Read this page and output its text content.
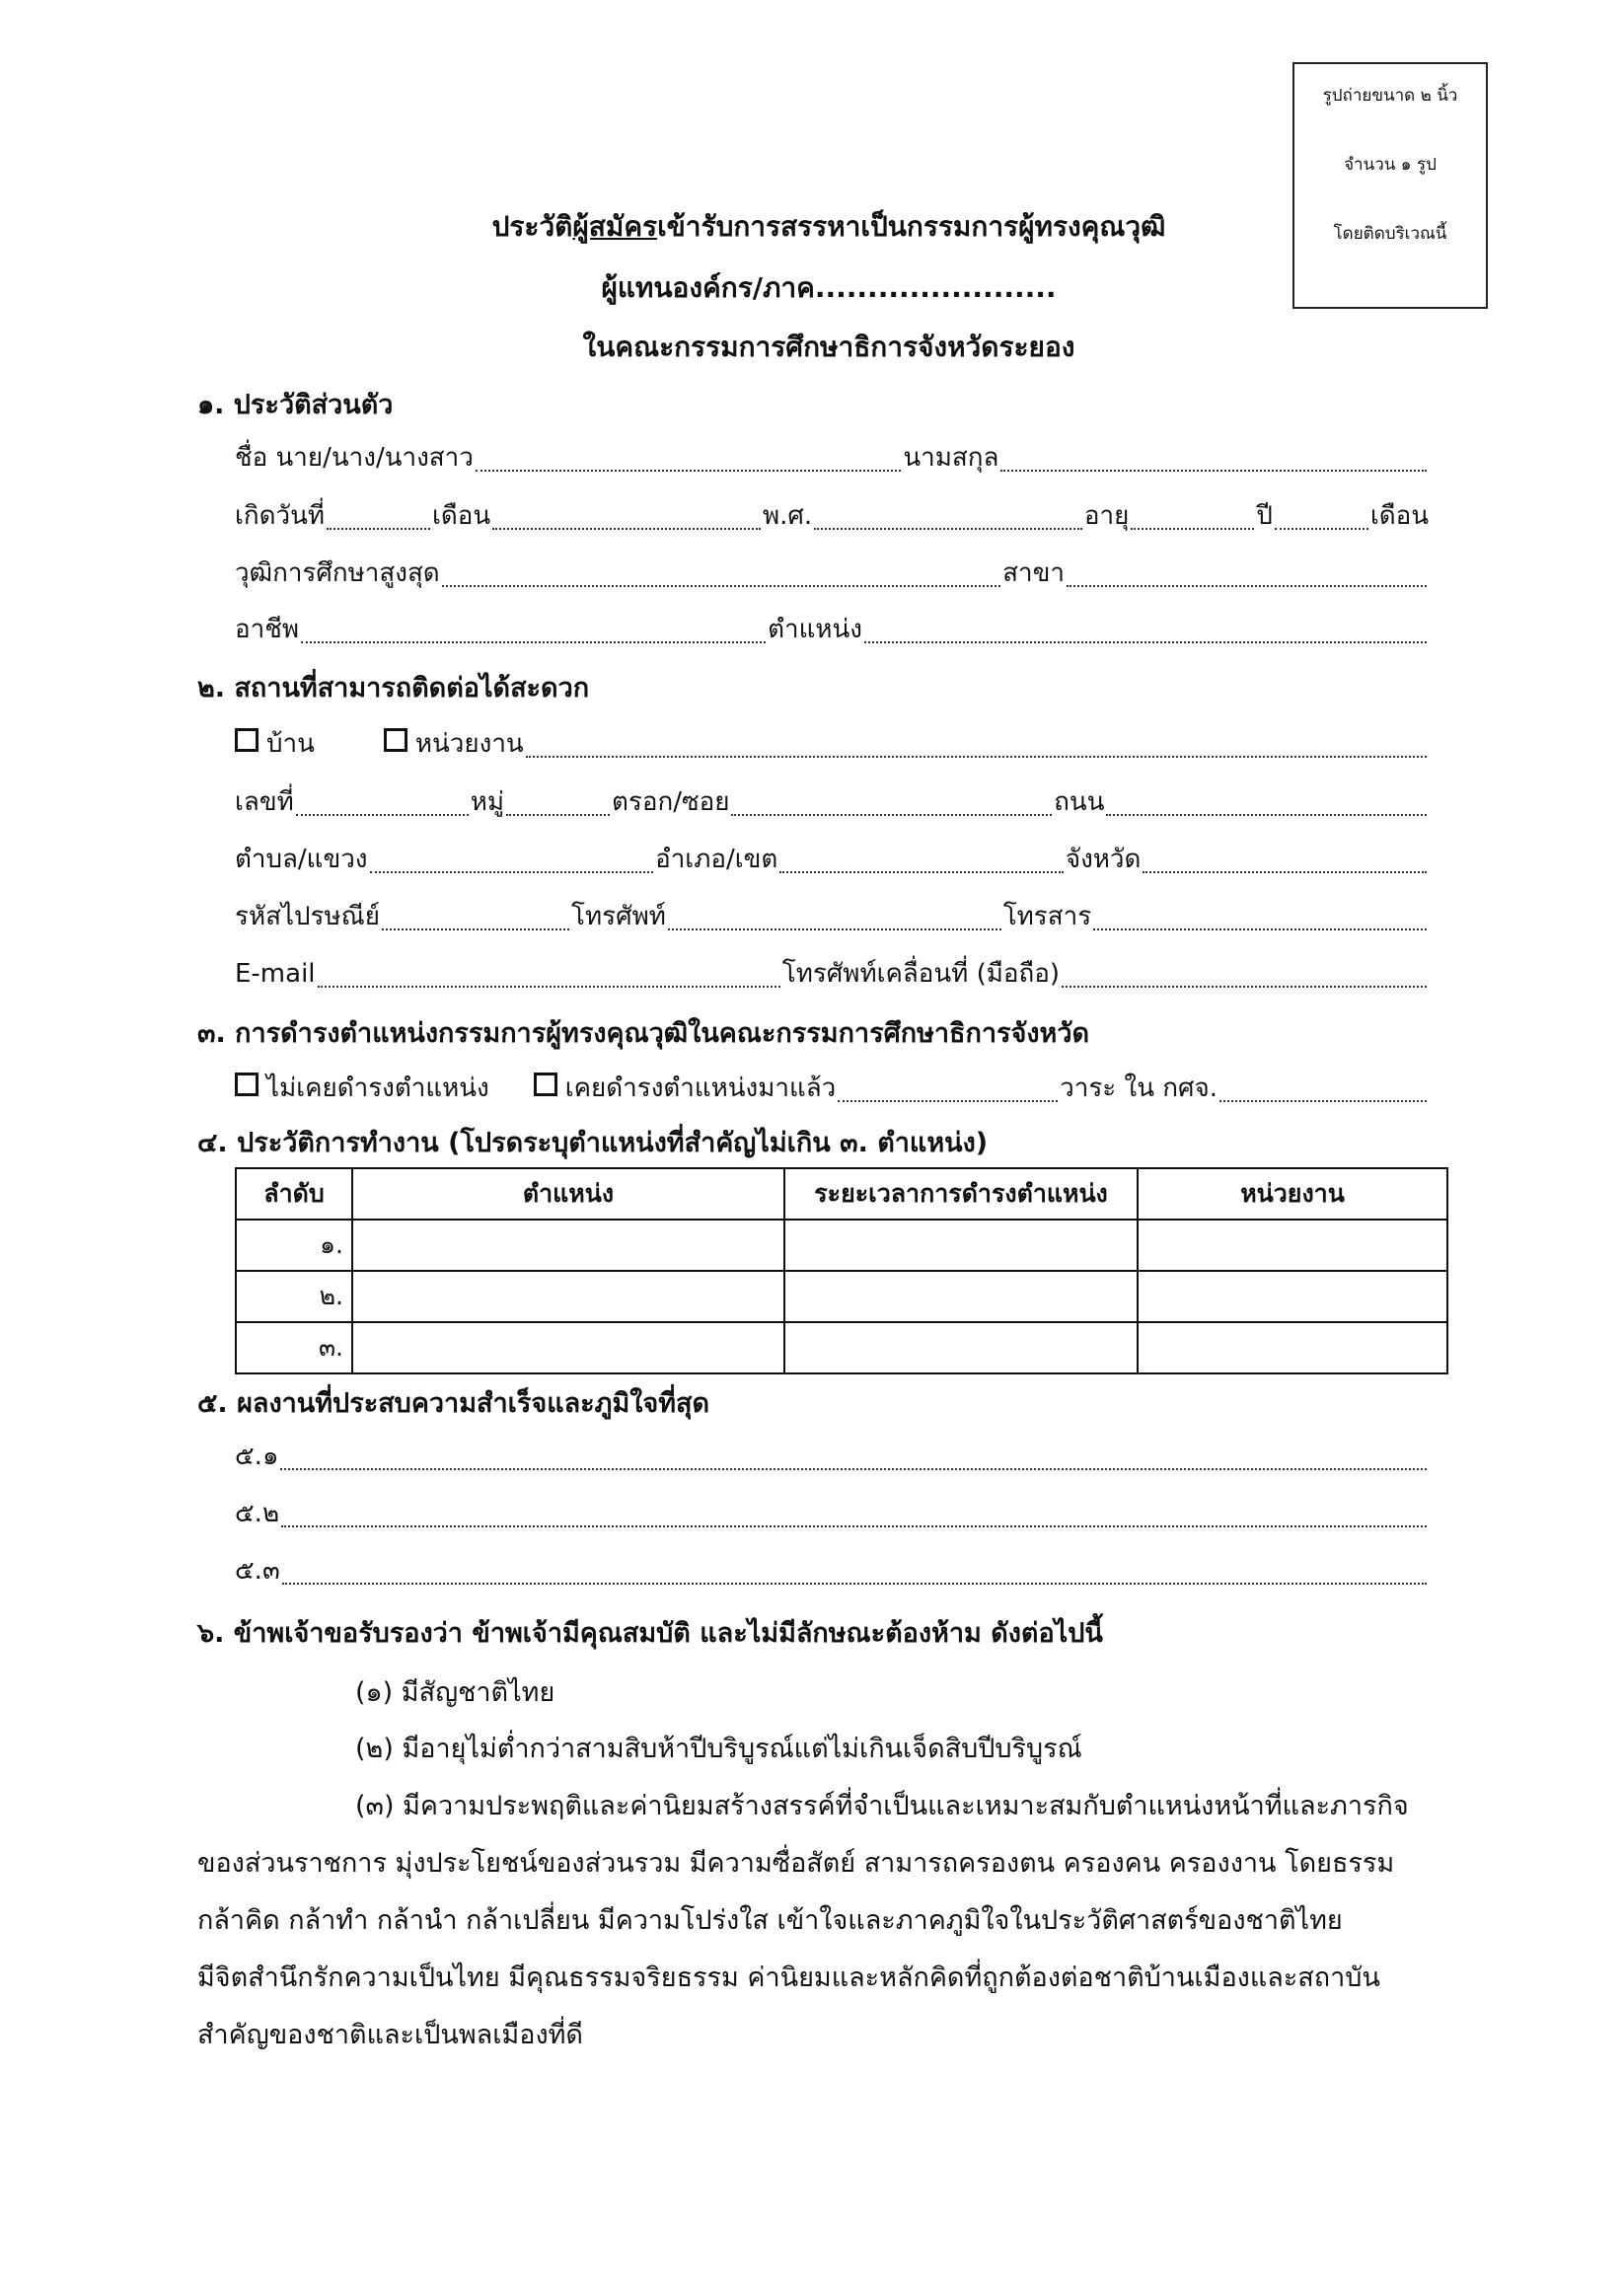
รูปถ่ายขนาด ๒ นิ้ว
จำนวน ๑ รูป
โดยติดบริเวณนี้
ประวัติผู้สมัครเข้ารับการสรรหาเป็นกรรมการผู้ทรงคุณวุฒิ
ผู้แทนองค์กร/ภาค.......................
ในคณะกรรมการศึกษาธิการจังหวัดระยอง
๑. ประวัติส่วนตัว
ชื่อ นาย/นาง/นางสาว	นามสกุล
เกิดวันที่	เดือน	พ.ศ.	อายุ	ปี	เดือน
วุฒิการศึกษาสูงสุด	สาขา
อาชีพ	ตำแหน่ง
๒. สถานที่สามารถติดต่อได้สะดวก
บ้าน	หน่วยงาน
เลขที่	หมู่	ตรอก/ซอย	ถนน
ตำบล/แขวง	อำเภอ/เขต	จังหวัด
รหัสไปรษณีย์	โทรศัพท์	โทรสาร
E-mail	โทรศัพท์เคลื่อนที่ (มือถือ)
๓. การดำรงตำแหน่งกรรมการผู้ทรงคุณวุฒิในคณะกรรมการศึกษาธิการจังหวัด
ไม่เคยดำรงตำแหน่ง	เคยดำรงตำแหน่งมาแล้ว	วาระ ใน กศจ.
๔. ประวัติการทำงาน (โปรดระบุตำแหน่งที่สำคัญไม่เกิน ๓. ตำแหน่ง)
ลำดับ	ตำแหน่ง	ระยะเวลาการดำรงตำแหน่ง	หน่วยงาน
๑.			
๒.			
๓.			
๕. ผลงานที่ประสบความสำเร็จและภูมิใจที่สุด
๕.๑
๕.๒
๕.๓
๖. ข้าพเจ้าขอรับรองว่า ข้าพเจ้ามีคุณสมบัติ และไม่มีลักษณะต้องห้าม ดังต่อไปนี้
(๑) มีสัญชาติไทย
(๒) มีอายุไม่ต่ำกว่าสามสิบห้าปีบริบูรณ์แต่ไม่เกินเจ็ดสิบปีบริบูรณ์
(๓) มีความประพฤติและค่านิยมสร้างสรรค์ที่จำเป็นและเหมาะสมกับตำแหน่งหน้าที่และภารกิจ
ของส่วนราชการ มุ่งประโยชน์ของส่วนรวม มีความซื่อสัตย์ สามารถครองตน ครองคน ครองงาน โดยธรรม
กล้าคิด กล้าทำ กล้านำ กล้าเปลี่ยน มีความโปร่งใส เข้าใจและภาคภูมิใจในประวัติศาสตร์ของชาติไทย
มีจิตสำนึกรักความเป็นไทย มีคุณธรรมจริยธรรม ค่านิยมและหลักคิดที่ถูกต้องต่อชาติบ้านเมืองและสถาบัน
สำคัญของชาติและเป็นพลเมืองที่ดี
